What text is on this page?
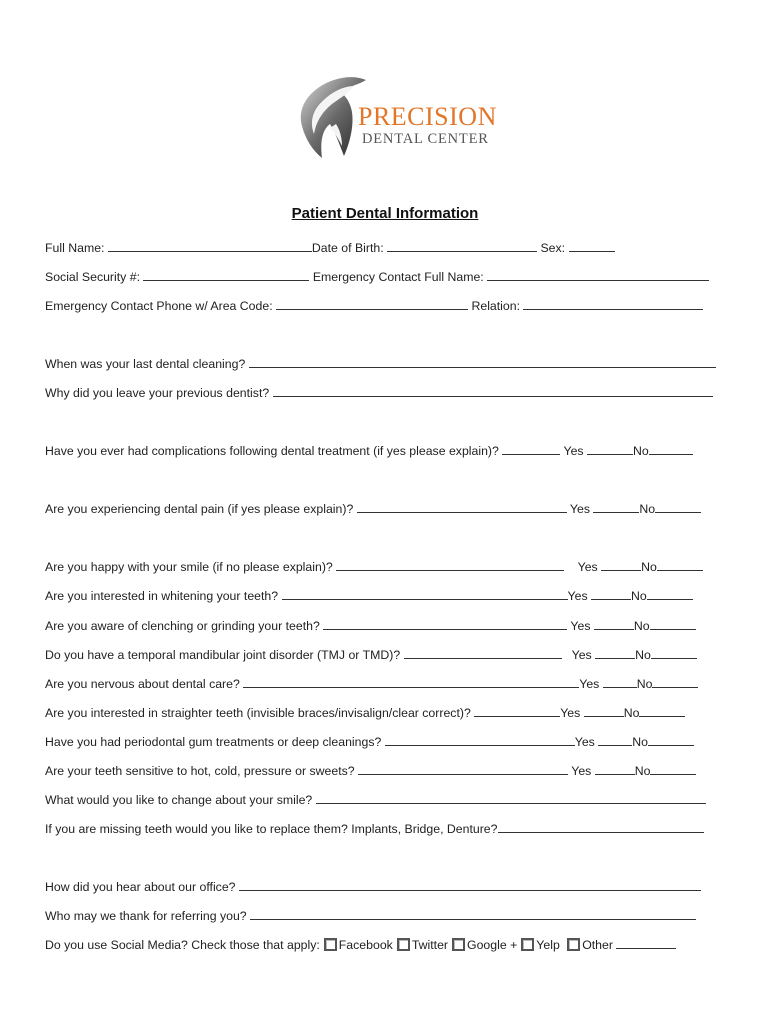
PRECISION
DENTAL CENTER
Patient Dental Information
Full Name:	Date of Birth:	Sex:
Social Security #:	Emergency Contact Full Name:
Emergency Contact Phone w/ Area Code:	Relation:
When was your last dental cleaning?
Why did you leave your previous dentist?
Have you ever had complications following dental treatment (if yes please explain)?	Yes	No
Are you experiencing dental pain (if yes please explain)?	Yes	No
Are you happy with your smile (if no please explain)?	Yes	No
Are you interested in whitening your teeth?	Yes	No
Are you aware of clenching or grinding your teeth?	Yes	No
Do you have a temporal mandibular joint disorder (TMJ or TMD)?	Yes	No
Are you nervous about dental care?	Yes	No
Are you interested in straighter teeth (invisible braces/invisalign/clear correct)?	Yes	No
Have you had periodontal gum treatments or deep cleanings?	Yes	No
Are your teeth sensitive to hot, cold, pressure or sweets?	Yes	No
What would you like to change about your smile?
If you are missing teeth would you like to replace them? Implants, Bridge, Denture?
How did you hear about our office?
Who may we thank for referring you?
Do you use Social Media? Check those that apply: Facebook Twitter Google + Yelp Other
